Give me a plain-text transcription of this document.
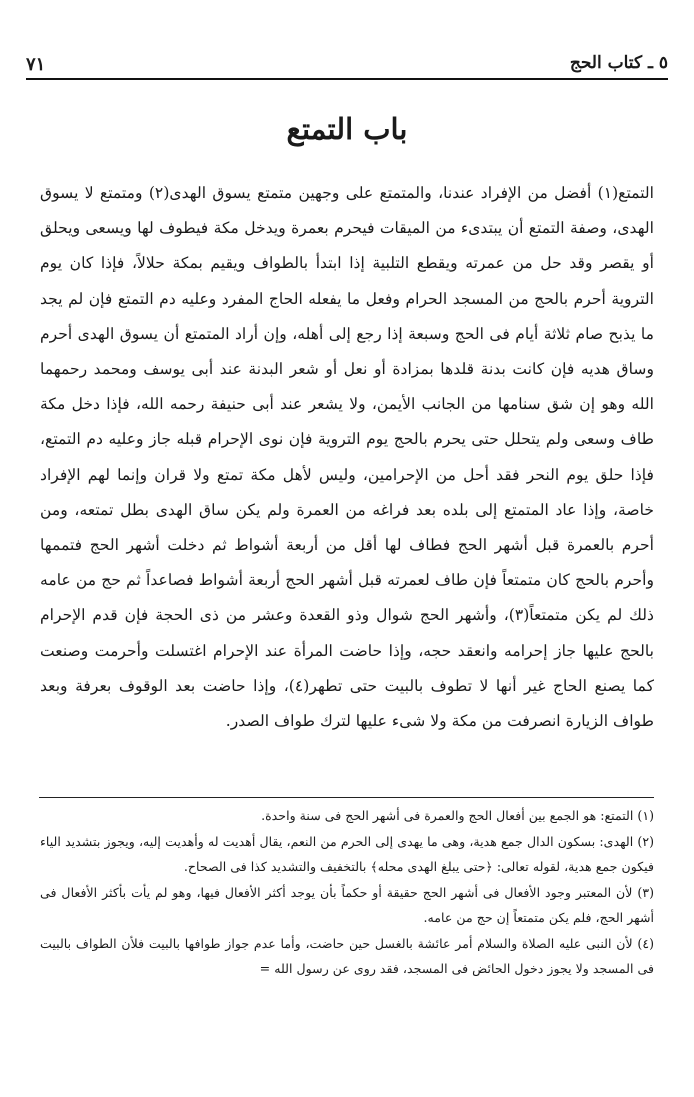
٥ ـ كتاب الحج
٧١
باب التمتع

التمتع(١) أفضل من الإفراد عندنا، والمتمتع على وجهين متمتع يسوق الهدى(٢) ومتمتع لا يسوق الهدى، وصفة التمتع أن يبتدىء من الميقات فيحرم بعمرة ويدخل مكة فيطوف لها ويسعى ويحلق أو يقصر وقد حل من عمرته ويقطع التلبية إذا ابتدأ بالطواف ويقيم بمكة حلالاً، فإذا كان يوم التروية أحرم بالحج من المسجد الحرام وفعل ما يفعله الحاج المفرد وعليه دم التمتع فإن لم يجد ما يذبح صام ثلاثة أيام فى الحج وسبعة إذا رجع إلى أهله، وإن أراد المتمتع أن يسوق الهدى أحرم وساق هديه فإن كانت بدنة قلدها بمزادة أو نعل أو شعر البدنة عند أبى يوسف ومحمد رحمهما الله وهو إن شق سنامها من الجانب الأيمن، ولا يشعر عند أبى حنيفة رحمه الله، فإذا دخل مكة طاف وسعى ولم يتحلل حتى يحرم بالحج يوم التروية فإن نوى الإحرام قبله جاز وعليه دم التمتع، فإذا حلق يوم النحر فقد أحل من الإحرامين، وليس لأهل مكة تمتع ولا قران وإنما لهم الإفراد خاصة، وإذا عاد المتمتع إلى بلده بعد فراغه من العمرة ولم يكن ساق الهدى بطل تمتعه، ومن أحرم بالعمرة قبل أشهر الحج فطاف لها أقل من أربعة أشواط ثم دخلت أشهر الحج فتممها وأحرم بالحج كان متمتعاً فإن طاف لعمرته قبل أشهر الحج أربعة أشواط فصاعداً ثم حج من عامه ذلك لم يكن متمتعاً(٣)، وأشهر الحج شوال وذو القعدة وعشر من ذى الحجة فإن قدم الإحرام بالحج عليها جاز إحرامه وانعقد حجه، وإذا حاضت المرأة عند الإحرام اغتسلت وأحرمت وصنعت كما يصنع الحاج غير أنها لا تطوف بالبيت حتى تطهر(٤)، وإذا حاضت بعد الوقوف بعرفة وبعد طواف الزيارة انصرفت من مكة ولا شىء عليها لترك طواف الصدر.

(١) التمتع: هو الجمع بين أفعال الحج والعمرة فى أشهر الحج فى سنة واحدة.

(٢) الهدى: بسكون الدال جمع هدية، وهى ما يهدى إلى الحرم من النعم، يقال أهديت له وأهديت إليه، ويجوز بتشديد الياء فيكون جمع هدية، لقوله تعالى: ﴿حتى يبلغ الهدى محله﴾ بالتخفيف والتشديد كذا فى الصحاح.

(٣) لأن المعتبر وجود الأفعال فى أشهر الحج حقيقة أو حكماً بأن يوجد أكثر الأفعال فيها، وهو لم يأت بأكثر الأفعال فى أشهر الحج، فلم يكن متمتعاً إن حج من عامه.

(٤) لأن النبى عليه الصلاة والسلام أمر عائشة بالغسل حين حاضت، وأما عدم جواز طوافها بالبيت فلأن الطواف بالبيت فى المسجد ولا يجوز دخول الحائض فى المسجد، فقد روى عن رسول الله =
